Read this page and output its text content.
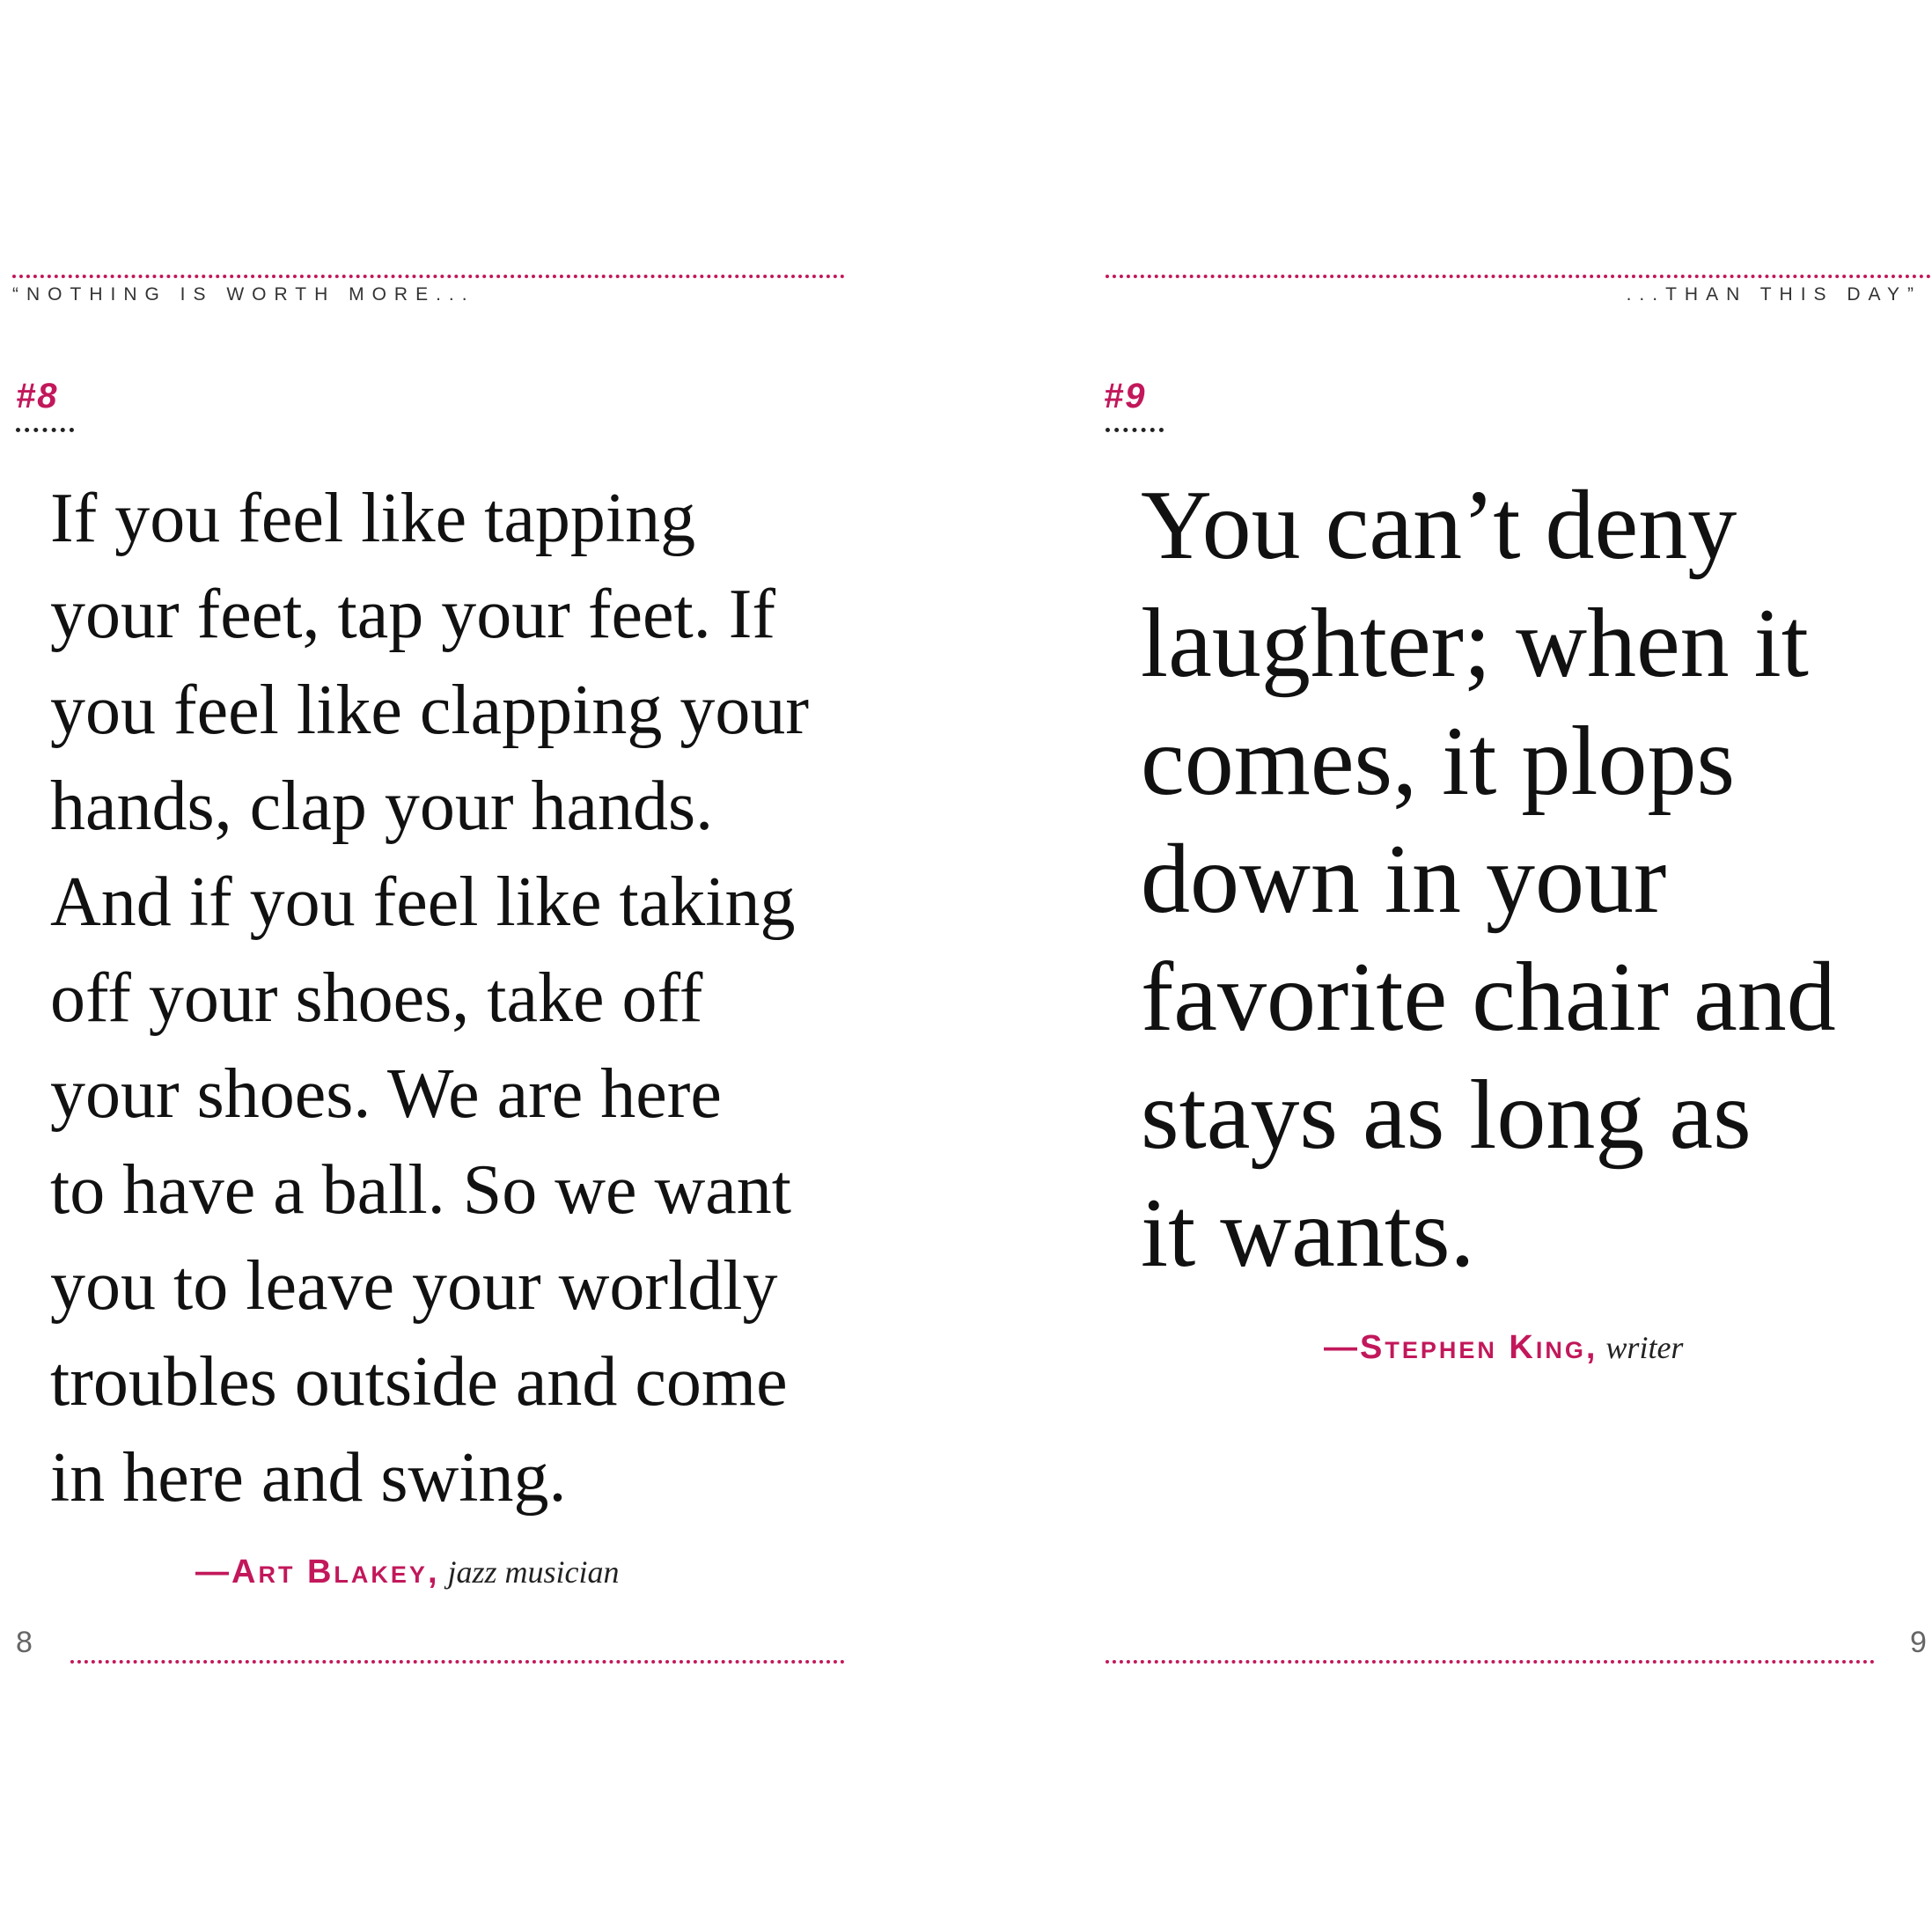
“NOTHING IS WORTH MORE...
#8

If you feel like tapping
your feet, tap your feet. If
you feel like clapping your
hands, clap your hands.
And if you feel like taking
off your shoes, take off
your shoes. We are here
to have a ball. So we want
you to leave your worldly
troubles outside and come
in here and swing.

—Art Blakey, jazz musician
8
...THAN THIS DAY”
#9

You can’t deny
laughter; when it
comes, it plops
down in your
favorite chair and
stays as long as
it wants.

—Stephen King, writer
9
